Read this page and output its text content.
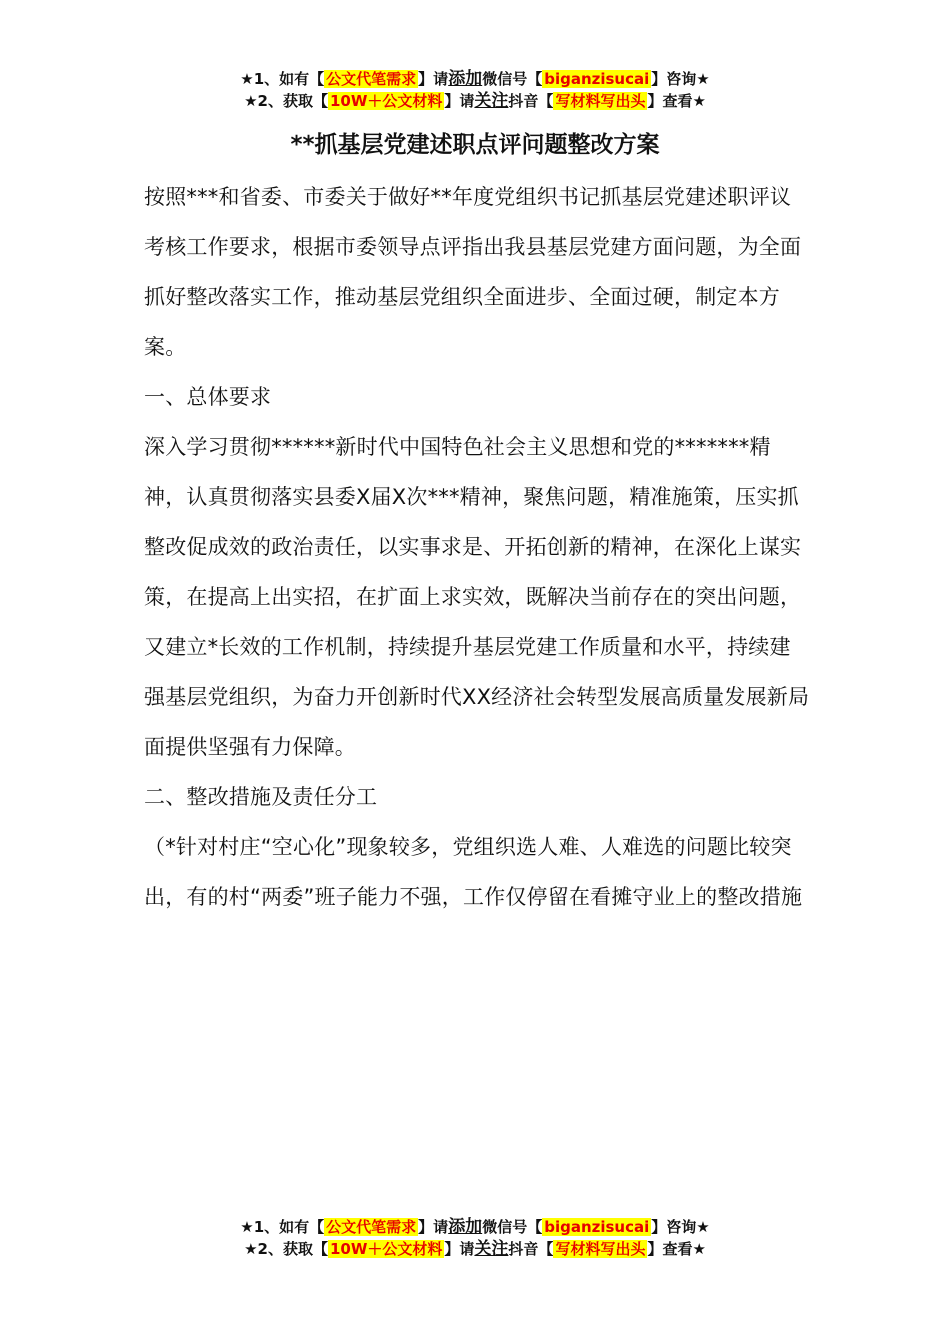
★1、如有【 公文代笔需求 】请添加微信号【 biganzisucai 】咨询★
★2、获取【 10W＋公文材料 】请关注抖音【 写材料写出头 】查看★
**抓基层党建述职点评问题整改方案

按照***和省委、市委关于做好**年度党组织书记抓基层党建述职评议考核工作要求，根据市委领导点评指出我县基层党建方面问题，为全面抓好整改落实工作，推动基层党组织全面进步、全面过硬，制定本方案。

一、总体要求

深入学习贯彻******新时代中国特色社会主义思想和党的*******精神，认真贯彻落实县委X届X次***精神，聚焦问题，精准施策，压实抓整改促成效的政治责任，以实事求是、开拓创新的精神，在深化上谋实策，在提高上出实招，在扩面上求实效，既解决当前存在的突出问题，又建立*长效的工作机制，持续提升基层党建工作质量和水平，持续建强基层党组织，为奋力开创新时代XX经济社会转型发展高质量发展新局面提供坚强有力保障。

二、整改措施及责任分工

（*针对村庄“空心化”现象较多，党组织选人难、人难选的问题比较突出，有的村“两委”班子能力不强，工作仅停留在看摊守业上的整改措施

★1、如有【 公文代笔需求 】请添加微信号【 biganzisucai 】咨询★
★2、获取【 10W＋公文材料 】请关注抖音【 写材料写出头 】查看★
